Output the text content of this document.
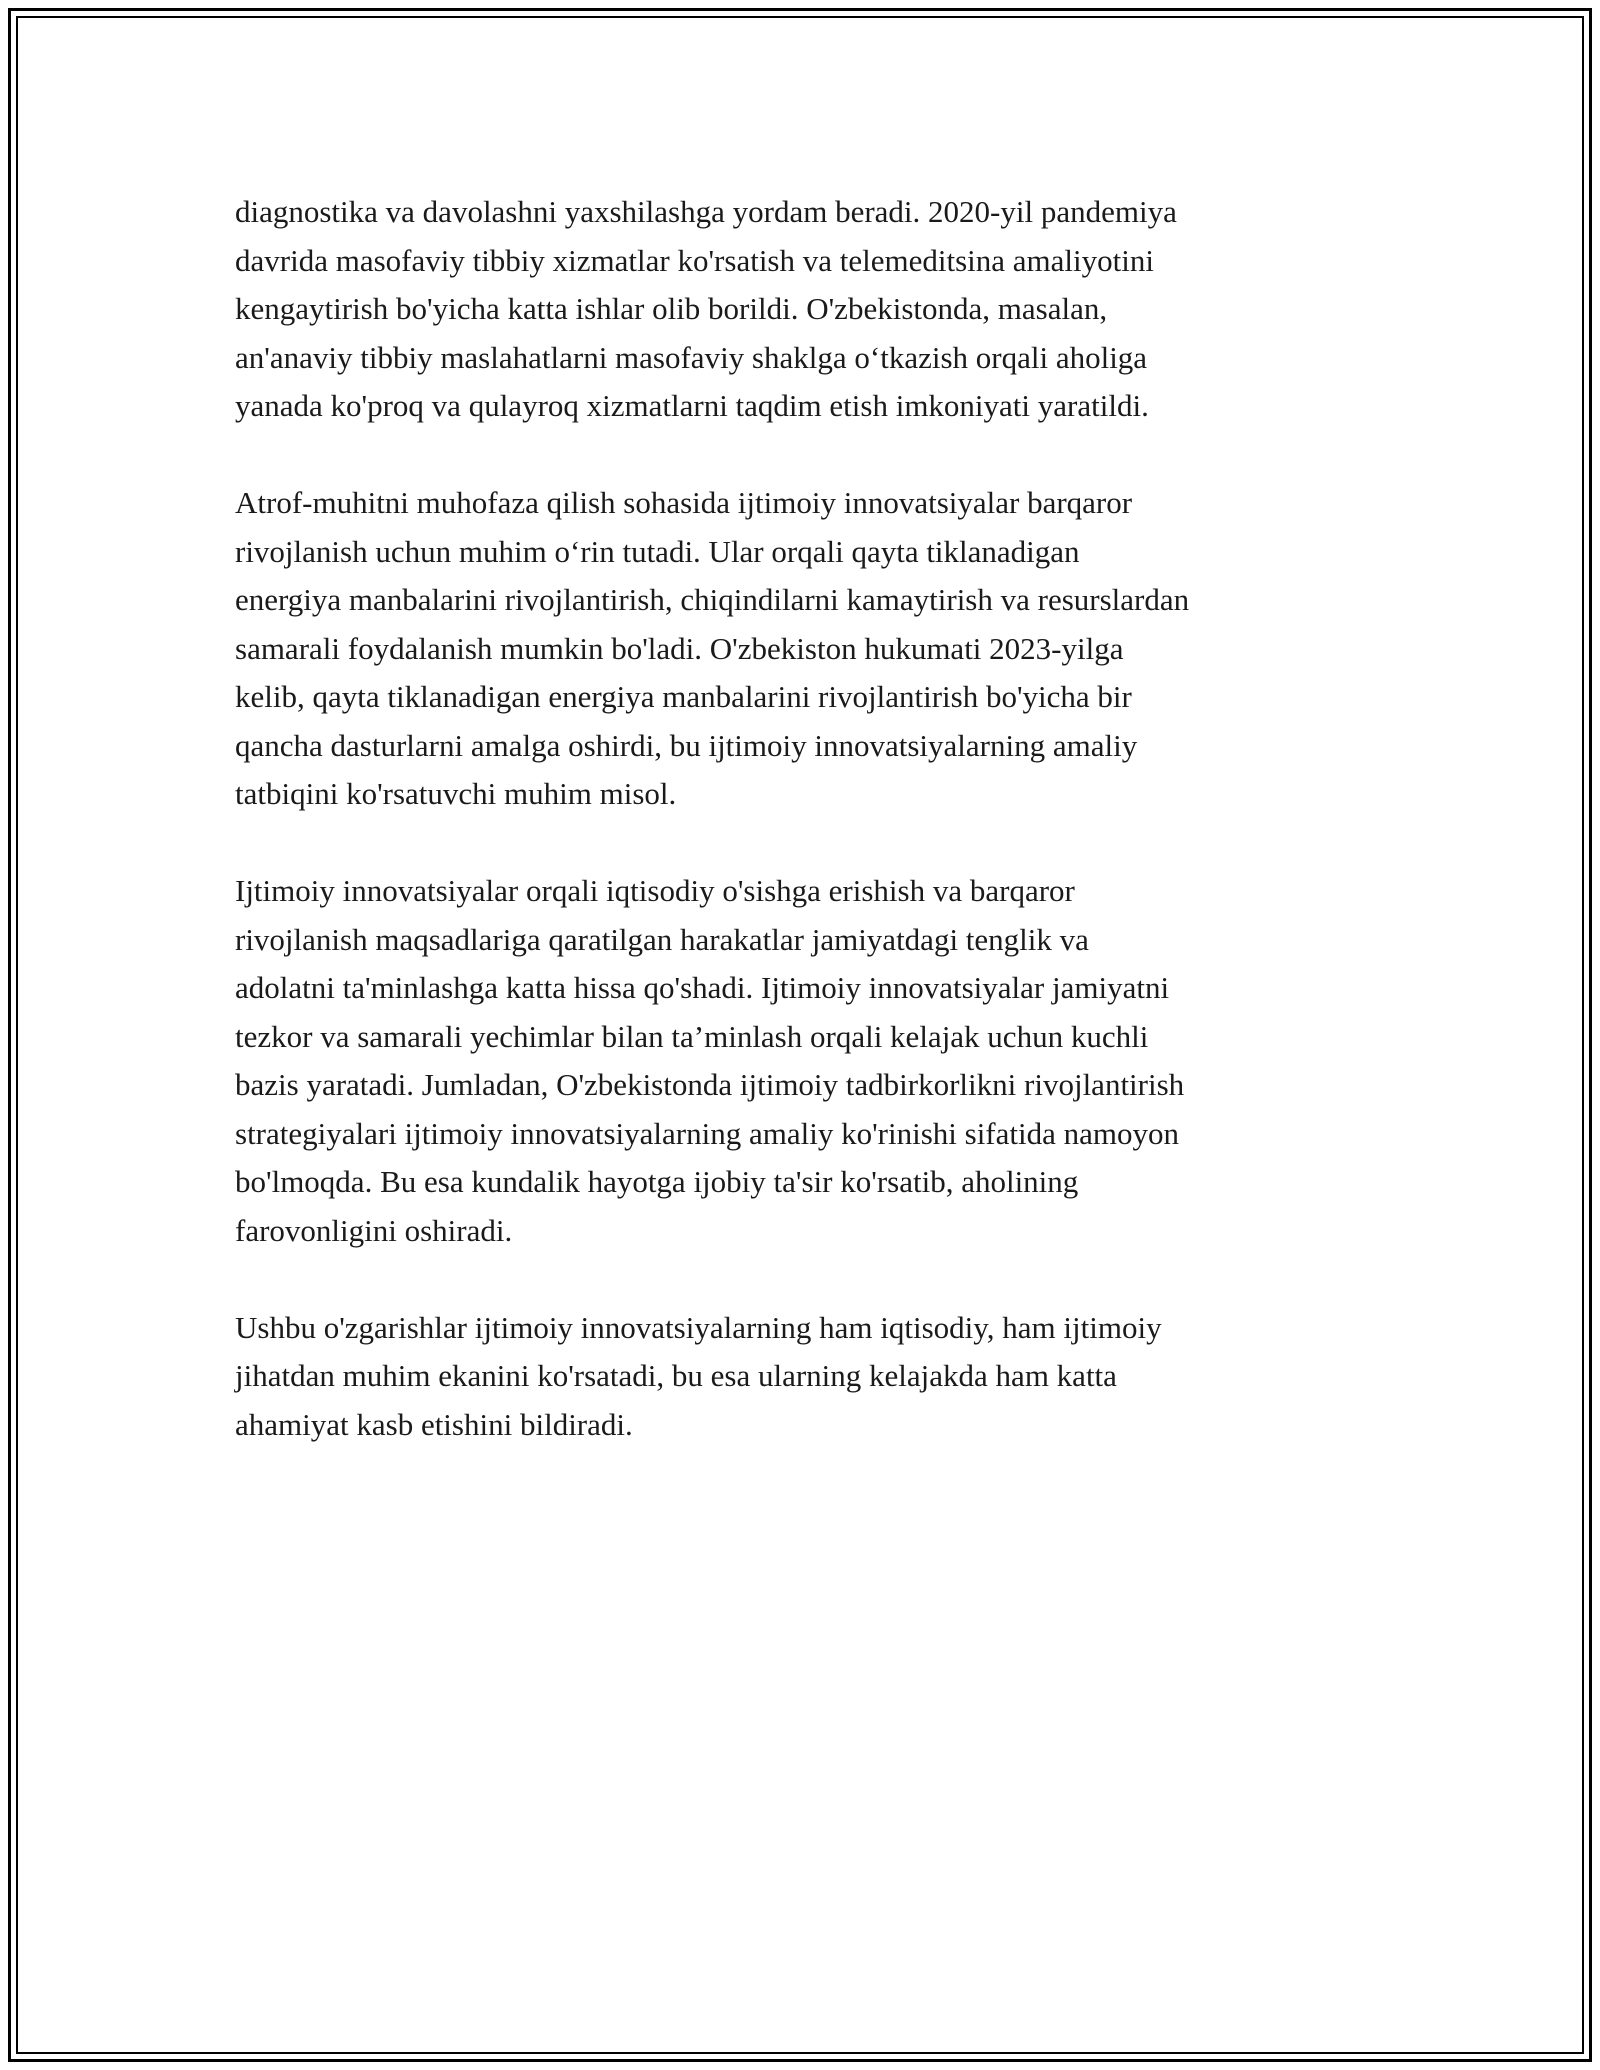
diagnostika va davolashni yaxshilashga yordam beradi. 2020-yil pandemiya
davrida masofaviy tibbiy xizmatlar ko'rsatish va telemeditsina amaliyotini
kengaytirish bo'yicha katta ishlar olib borildi. O'zbekistonda, masalan,
an'anaviy tibbiy maslahatlarni masofaviy shaklga o‘tkazish orqali aholiga
yanada ko'proq va qulayroq xizmatlarni taqdim etish imkoniyati yaratildi.

Atrof-muhitni muhofaza qilish sohasida ijtimoiy innovatsiyalar barqaror
rivojlanish uchun muhim o‘rin tutadi. Ular orqali qayta tiklanadigan
energiya manbalarini rivojlantirish, chiqindilarni kamaytirish va resurslardan
samarali foydalanish mumkin bo'ladi. O'zbekiston hukumati 2023-yilga
kelib, qayta tiklanadigan energiya manbalarini rivojlantirish bo'yicha bir
qancha dasturlarni amalga oshirdi, bu ijtimoiy innovatsiyalarning amaliy
tatbiqini ko'rsatuvchi muhim misol.

Ijtimoiy innovatsiyalar orqali iqtisodiy o'sishga erishish va barqaror
rivojlanish maqsadlariga qaratilgan harakatlar jamiyatdagi tenglik va
adolatni ta'minlashga katta hissa qo'shadi. Ijtimoiy innovatsiyalar jamiyatni
tezkor va samarali yechimlar bilan ta’minlash orqali kelajak uchun kuchli
bazis yaratadi. Jumladan, O'zbekistonda ijtimoiy tadbirkorlikni rivojlantirish
strategiyalari ijtimoiy innovatsiyalarning amaliy ko'rinishi sifatida namoyon
bo'lmoqda. Bu esa kundalik hayotga ijobiy ta'sir ko'rsatib, aholining
farovonligini oshiradi.

Ushbu o'zgarishlar ijtimoiy innovatsiyalarning ham iqtisodiy, ham ijtimoiy
jihatdan muhim ekanini ko'rsatadi, bu esa ularning kelajakda ham katta
ahamiyat kasb etishini bildiradi.
